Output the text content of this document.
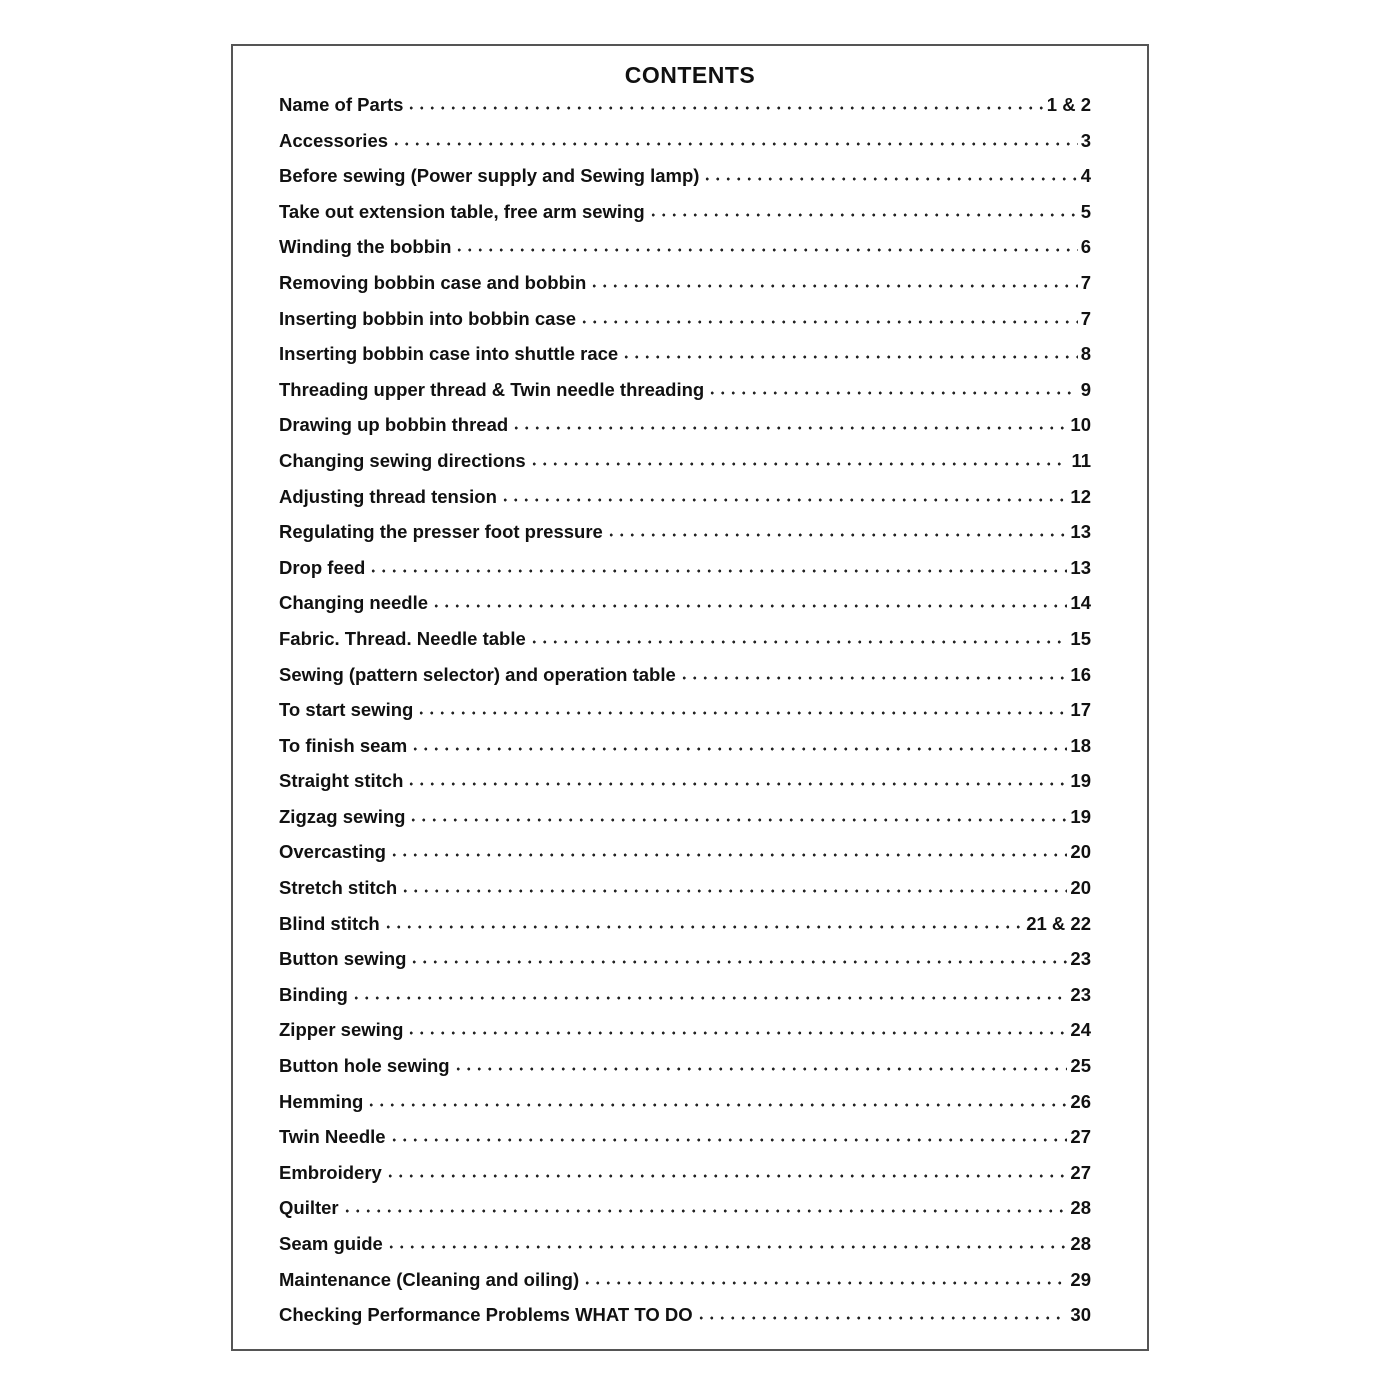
CONTENTS
Name of Parts	1 & 2
Accessories	3
Before sewing (Power supply and Sewing lamp)	4
Take out extension table, free arm sewing	5
Winding the bobbin	6
Removing bobbin case and bobbin	7
Inserting bobbin into bobbin case	7
Inserting bobbin case into shuttle race	8
Threading upper thread & Twin needle threading	9
Drawing up bobbin thread	10
Changing sewing directions	11
Adjusting thread tension	12
Regulating the presser foot pressure	13
Drop feed	13
Changing needle	14
Fabric. Thread. Needle table	15
Sewing (pattern selector) and operation table	16
To start sewing	17
To finish seam	18
Straight stitch	19
Zigzag sewing	19
Overcasting	20
Stretch stitch	20
Blind stitch	21 & 22
Button sewing	23
Binding	23
Zipper sewing	24
Button hole sewing	25
Hemming	26
Twin Needle	27
Embroidery	27
Quilter	28
Seam guide	28
Maintenance (Cleaning and oiling)	29
Checking Performance Problems WHAT TO DO	30
